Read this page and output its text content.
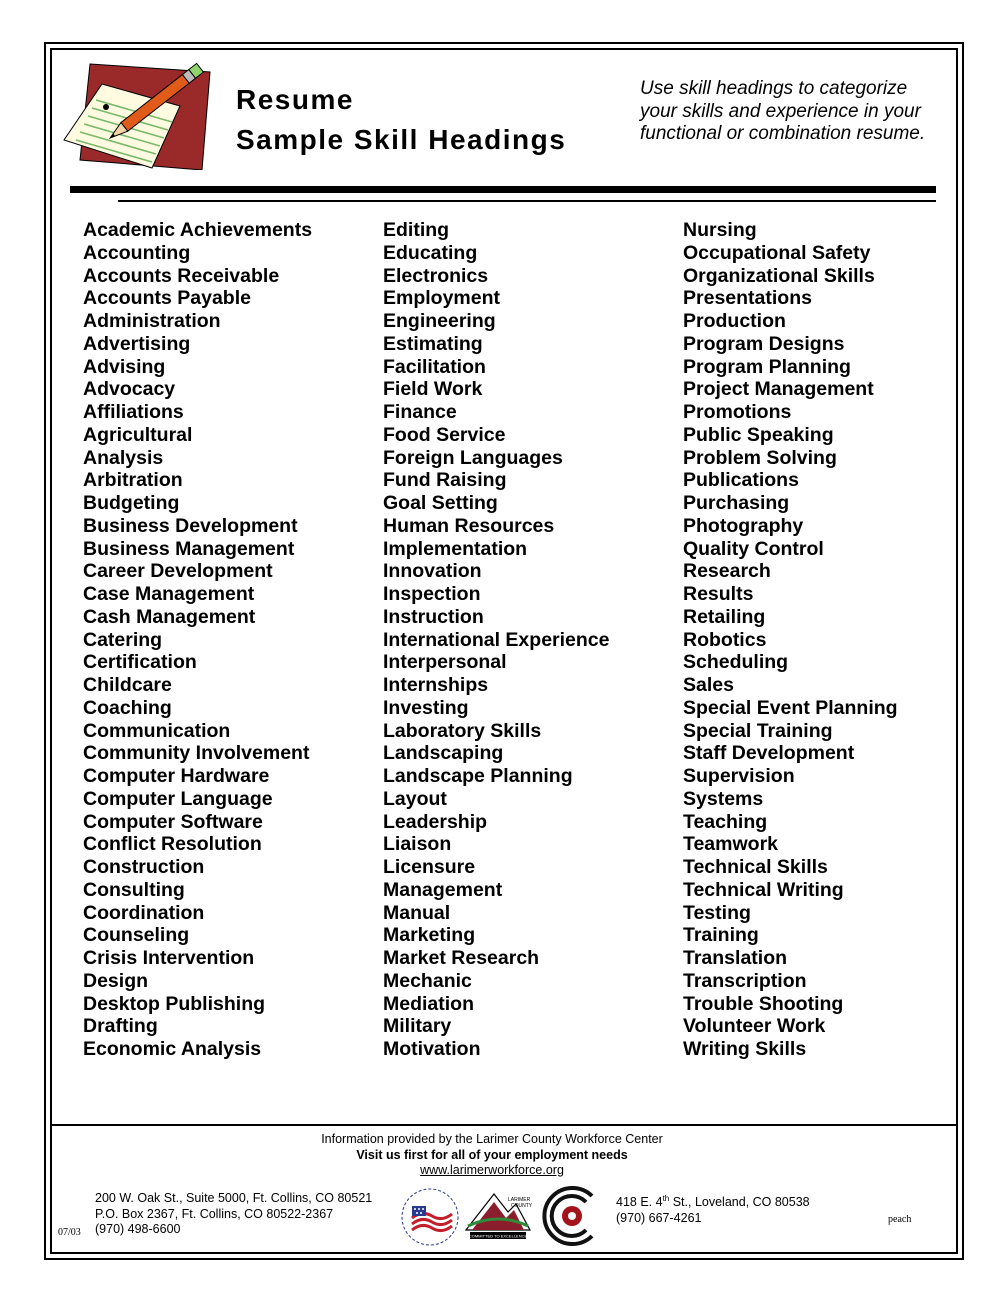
Resume
Sample Skill Headings
Use skill headings to categorize your skills and experience in your functional or combination resume.
Academic Achievements
Accounting
Accounts Receivable
Accounts Payable
Administration
Advertising
Advising
Advocacy
Affiliations
Agricultural
Analysis
Arbitration
Budgeting
Business Development
Business Management
Career Development
Case Management
Cash Management
Catering
Certification
Childcare
Coaching
Communication
Community Involvement
Computer Hardware
Computer Language
Computer Software
Conflict Resolution
Construction
Consulting
Coordination
Counseling
Crisis Intervention
Design
Desktop Publishing
Drafting
Economic Analysis
Editing
Educating
Electronics
Employment
Engineering
Estimating
Facilitation
Field Work
Finance
Food Service
Foreign Languages
Fund Raising
Goal Setting
Human Resources
Implementation
Innovation
Inspection
Instruction
International Experience
Interpersonal
Internships
Investing
Laboratory Skills
Landscaping
Landscape Planning
Layout
Leadership
Liaison
Licensure
Management
Manual
Marketing
Market Research
Mechanic
Mediation
Military
Motivation
Nursing
Occupational Safety
Organizational Skills
Presentations
Production
Program Designs
Program Planning
Project Management
Promotions
Public Speaking
Problem Solving
Publications
Purchasing
Photography
Quality Control
Research
Results
Retailing
Robotics
Scheduling
Sales
Special Event Planning
Special Training
Staff Development
Supervision
Systems
Teaching
Teamwork
Technical Skills
Technical Writing
Testing
Training
Translation
Transcription
Trouble Shooting
Volunteer Work
Writing Skills
Information provided by the Larimer County Workforce Center
Visit us first for all of your employment needs
www.larimerworkforce.org
200 W. Oak St., Suite 5000, Ft. Collins, CO 80521
P.O. Box 2367, Ft. Collins, CO 80522-2367
(970) 498-6600
418 E. 4th St., Loveland, CO 80538
(970) 667-4261
07/03
peach
LARIMER
COUNTY
COMMITTED TO EXCELLENCE
